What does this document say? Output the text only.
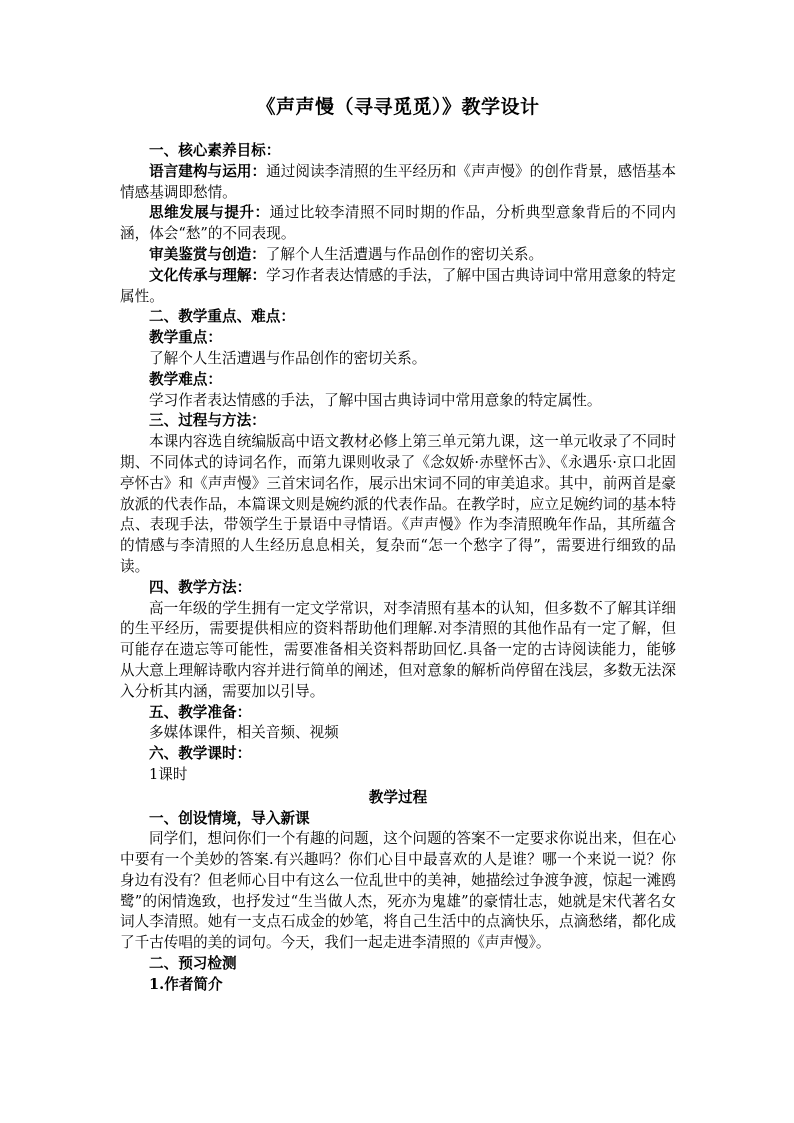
《声声慢（寻寻觅觅）》教学设计

一、核心素养目标：

语言建构与运用：通过阅读李清照的生平经历和《声声慢》的创作背景，感悟基本情感基调即愁情。

思维发展与提升：通过比较李清照不同时期的作品，分析典型意象背后的不同内涵，体会“愁”的不同表现。

审美鉴赏与创造：了解个人生活遭遇与作品创作的密切关系。

文化传承与理解：学习作者表达情感的手法，了解中国古典诗词中常用意象的特定属性。

二、教学重点、难点：

教学重点：

了解个人生活遭遇与作品创作的密切关系。

教学难点：

学习作者表达情感的手法，了解中国古典诗词中常用意象的特定属性。

三、过程与方法：

本课内容选自统编版高中语文教材必修上第三单元第九课，这一单元收录了不同时期、不同体式的诗词名作，而第九课则收录了《念奴娇·赤壁怀古》、《永遇乐·京口北固亭怀古》和《声声慢》三首宋词名作，展示出宋词不同的审美追求。其中，前两首是豪放派的代表作品，本篇课文则是婉约派的代表作品。在教学时，应立足婉约词的基本特点、表现手法，带领学生于景语中寻情语。《声声慢》作为李清照晚年作品，其所蕴含的情感与李清照的人生经历息息相关，复杂而“怎一个愁字了得”，需要进行细致的品读。

四、教学方法：

高一年级的学生拥有一定文学常识，对李清照有基本的认知，但多数不了解其详细的生平经历，需要提供相应的资料帮助他们理解.对李清照的其他作品有一定了解，但可能存在遗忘等可能性，需要准备相关资料帮助回忆.具备一定的古诗阅读能力，能够从大意上理解诗歌内容并进行简单的阐述，但对意象的解析尚停留在浅层，多数无法深入分析其内涵，需要加以引导。

五、教学准备：

多媒体课件，相关音频、视频

六、教学课时：

1课时

教学过程

一、创设情境，导入新课

同学们，想问你们一个有趣的问题，这个问题的答案不一定要求你说出来，但在心中要有一个美妙的答案.有兴趣吗？你们心目中最喜欢的人是谁？哪一个来说一说？你身边有没有？但老师心目中有这么一位乱世中的美神，她描绘过争渡争渡，惊起一滩鸥鹭”的闲情逸致，也抒发过“生当做人杰，死亦为鬼雄”的豪情壮志，她就是宋代著名女词人李清照。她有一支点石成金的妙笔，将自己生活中的点滴快乐，点滴愁绪，都化成了千古传唱的美的词句。今天，我们一起走进李清照的《声声慢》。

二、预习检测

1.作者简介
